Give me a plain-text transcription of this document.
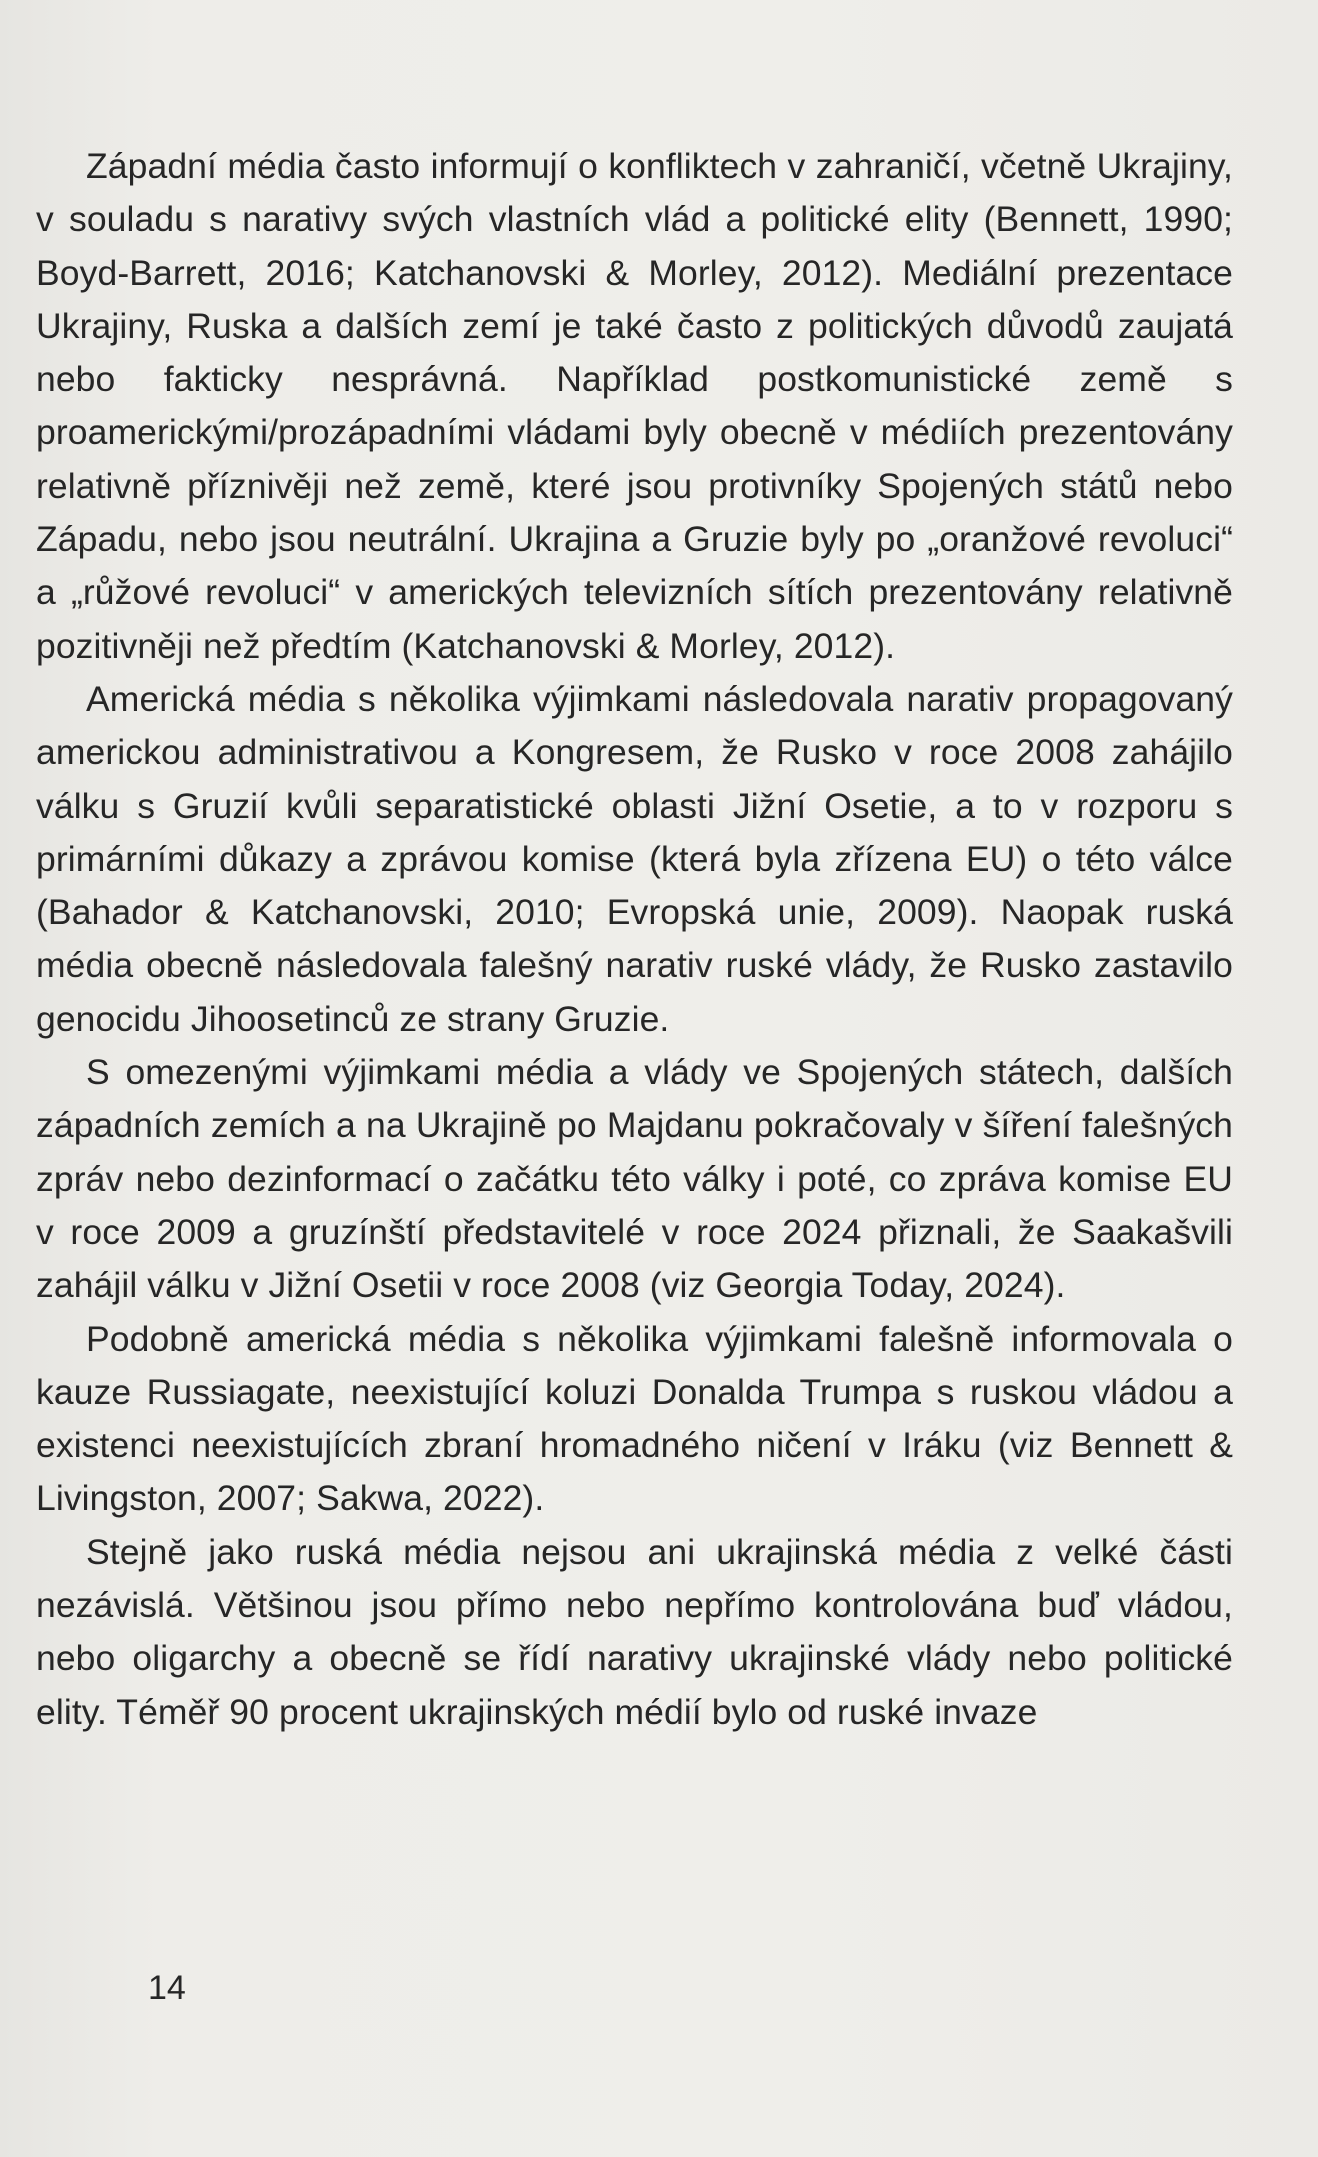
Západní média často informují o konfliktech v zahraničí, včetně Ukrajiny, v souladu s narativy svých vlastních vlád a politické elity (Bennett, 1990; Boyd-Barrett, 2016; Katchanovski & Morley, 2012). Mediální prezentace Ukrajiny, Ruska a dalších zemí je také často z politických důvodů zaujatá nebo fakticky nesprávná. Například postkomunistické země s proamerickými/prozápadními vládami byly obecně v médiích prezentovány relativně příznivěji než země, které jsou protivníky Spojených států nebo Západu, nebo jsou neutrální. Ukrajina a Gruzie byly po „oranžové revoluci“ a „růžové revoluci“ v amerických televizních sítích prezentovány relativně pozitivněji než předtím (Katchanovski & Morley, 2012).

Americká média s několika výjimkami následovala narativ propagovaný americkou administrativou a Kongresem, že Rusko v roce 2008 zahájilo válku s Gruzií kvůli separatistické oblasti Jižní Osetie, a to v rozporu s primárními důkazy a zprávou komise (která byla zřízena EU) o této válce (Bahador & Katchanovski, 2010; Evropská unie, 2009). Naopak ruská média obecně následovala falešný narativ ruské vlády, že Rusko zastavilo genocidu Jihoosetinců ze strany Gruzie.

S omezenými výjimkami média a vlády ve Spojených státech, dalších západních zemích a na Ukrajině po Majdanu pokračovaly v šíření falešných zpráv nebo dezinformací o začátku této války i poté, co zpráva komise EU v roce 2009 a gruzínští představitelé v roce 2024 přiznali, že Saakašvili zahájil válku v Jižní Osetii v roce 2008 (viz Georgia Today, 2024).

Podobně americká média s několika výjimkami falešně informovala o kauze Russiagate, neexistující koluzi Donalda Trumpa s ruskou vládou a existenci neexistujících zbraní hromadného ničení v Iráku (viz Bennett & Livingston, 2007; Sakwa, 2022).

Stejně jako ruská média nejsou ani ukrajinská média z velké části nezávislá. Většinou jsou přímo nebo nepřímo kontrolována buď vládou, nebo oligarchy a obecně se řídí narativy ukrajinské vlády nebo politické elity. Téměř 90 procent ukrajinských médií bylo od ruské invaze

14
